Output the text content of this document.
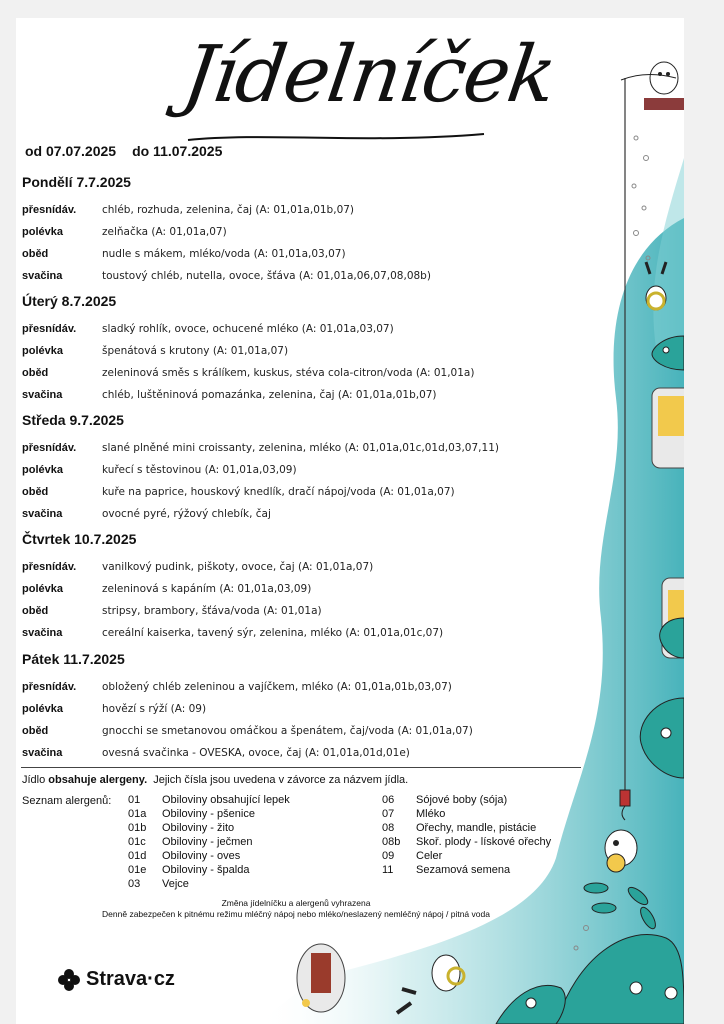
Jídelníček
od 07.07.2025 do 11.07.2025
Pondělí 7.7.2025
přesnídáv.	chléb, rozhuda, zelenina, čaj (A: 01,01a,01b,07)
polévka	zelňačka (A: 01,01a,07)
oběd	nudle s mákem, mléko/voda (A: 01,01a,03,07)
svačina	toustový chléb, nutella, ovoce, šťáva (A: 01,01a,06,07,08,08b)
Úterý 8.7.2025
přesnídáv.	sladký rohlík, ovoce, ochucené mléko (A: 01,01a,03,07)
polévka	špenátová s krutony (A: 01,01a,07)
oběd	zeleninová směs s králíkem, kuskus, stéva cola-citron/voda (A: 01,01a)
svačina	chléb, luštěninová pomazánka, zelenina, čaj (A: 01,01a,01b,07)
Středa 9.7.2025
přesnídáv.	slané plněné mini croissanty, zelenina, mléko (A: 01,01a,01c,01d,03,07,11)
polévka	kuřecí s těstovinou (A: 01,01a,03,09)
oběd	kuře na paprice, houskový knedlík, dračí nápoj/voda (A: 01,01a,07)
svačina	ovocné pyré, rýžový chlebík, čaj
Čtvrtek 10.7.2025
přesnídáv.	vanilkový pudink, piškoty, ovoce, čaj (A: 01,01a,07)
polévka	zeleninová s kapáním (A: 01,01a,03,09)
oběd	stripsy, brambory, šťáva/voda (A: 01,01a)
svačina	cereální kaiserka, tavený sýr, zelenina, mléko (A: 01,01a,01c,07)
Pátek 11.7.2025
přesnídáv.	obložený chléb zeleninou a vajíčkem, mléko (A: 01,01a,01b,03,07)
polévka	hovězí s rýží (A: 09)
oběd	gnocchi se smetanovou omáčkou a špenátem, čaj/voda (A: 01,01a,07)
svačina	ovesná svačinka - OVESKA, ovoce, čaj (A: 01,01a,01d,01e)
Jídlo obsahuje alergeny.  Jejich čísla jsou uvedena v závorce za názvem jídla.
Seznam alergenů: 01	Obiloviny obsahující lepek
01a	Obiloviny - pšenice
01b	Obiloviny - žito
01c	Obiloviny - ječmen
01d	Obiloviny - oves
01e	Obiloviny - špalda
03	Vejce
06	Sójové boby (sója)
07	Mléko
08	Ořechy, mandle, pistácie
08b	Skoř. plody - lískové ořechy
09	Celer
11	Sezamová semena
Změna jídelníčku a alergenů vyhrazena
Denně zabezpečen k pitnému režimu mléčný nápoj nebo mléko/neslazený nemléčný nápoj / pitná voda
Strava·cz
